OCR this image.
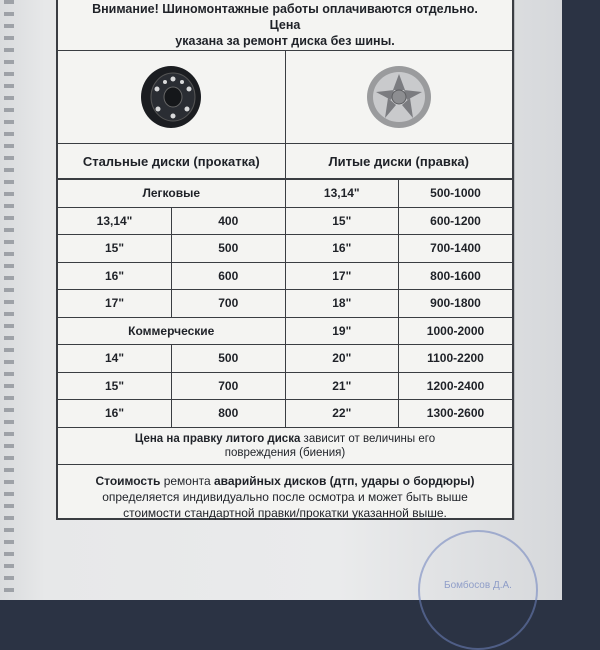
Внимание! Шиномонтажные работы оплачиваются отдельно. Цена
указана за ремонт диска без шины.
Стальные диски (прокатка)	Литые диски (правка)
Легковые		13,14"	500-1000
13,14"	400	15"	600-1200
15"	500	16"	700-1400
16"	600	17"	800-1600
17"	700	18"	900-1800
Коммерческие		19"	1000-2000
14"	500	20"	1100-2200
15"	700	21"	1200-2400
16"	800	22"	1300-2600
Цена на правку литого диска зависит от величины его повреждения (биения)
Стоимость ремонта аварийных дисков (дтп, удары о бордюры) определяется индивидуально после осмотра и может быть выше стоимости стандартной правки/прокатки указанной выше.
Бомбосов Д.А.
